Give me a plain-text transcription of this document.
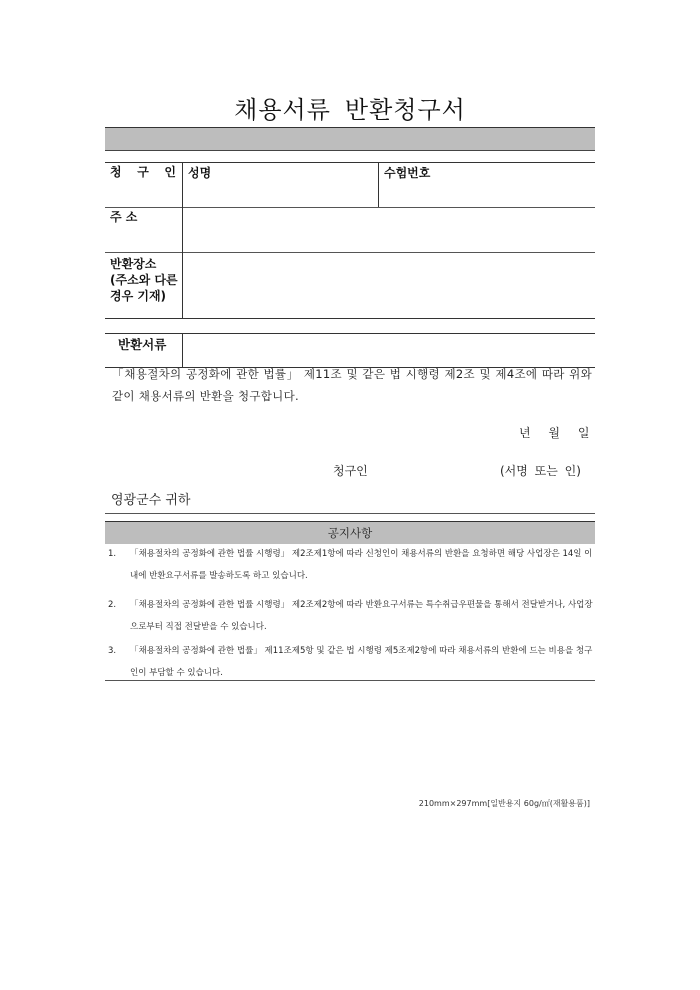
채용서류 반환청구서
청 구 인 성명	수험번호
주 소
반환장소
(주소와 다른
경우 기재)
반환서류
「채용절차의 공정화에 관한 법률」 제11조 및 같은 법 시행령 제2조 및 제4조에 따라 위와 같이 채용서류의 반환을 청구합니다.
년 월 일
청구인	(서명 또는 인)
영광군수 귀하
공지사항
1. 「채용절차의 공정화에 관한 법률 시행령」 제2조제1항에 따라 신청인이 채용서류의 반환을 요청하면 해당 사업장은 14일 이내에 반환요구서류를 발송하도록 하고 있습니다.
2. 「채용절차의 공정화에 관한 법률 시행령」 제2조제2항에 따라 반환요구서류는 특수취급우편물을 통해서 전달받거나, 사업장으로부터 직접 전달받을 수 있습니다.
3. 「채용절차의 공정화에 관한 법률」 제11조제5항 및 같은 법 시행령 제5조제2항에 따라 채용서류의 반환에 드는 비용을 청구인이 부담할 수 있습니다.
210mm×297mm[일반용지 60g/㎡(재활용품)]
